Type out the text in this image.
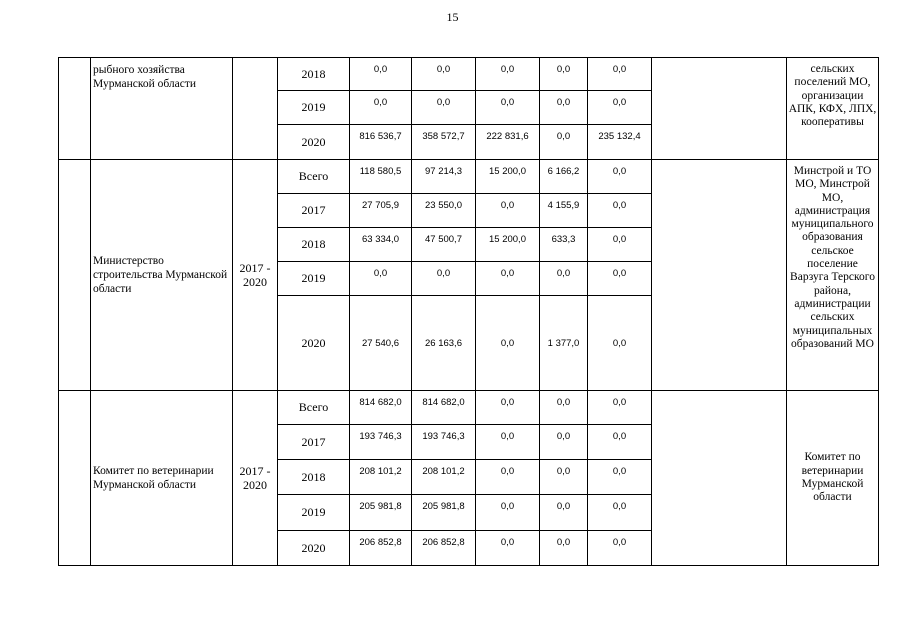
15
	рыбного хозяйства Мурманской области		2018	0,0	0,0	0,0	0,0	0,0		сельских поселений МО, организации АПК, КФХ, ЛПХ, кооперативы
			2019	0,0	0,0	0,0	0,0	0,0		
			2020	816 536,7	358 572,7	222 831,6	0,0	235 132,4		
	Министерство строительства Мурманской области	2017 - 2020	Всего	118 580,5	97 214,3	15 200,0	6 166,2	0,0		Минстрой и ТО МО, Минстрой МО, администрация муниципального образования сельское поселение Варзуга Терского района, администрации сельских муниципальных образований МО
			2017	27 705,9	23 550,0	0,0	4 155,9	0,0		
			2018	63 334,0	47 500,7	15 200,0	633,3	0,0		
			2019	0,0	0,0	0,0	0,0	0,0		
			2020	27 540,6	26 163,6	0,0	1 377,0	0,0		
	Комитет по ветеринарии Мурманской области	2017 - 2020	Всего	814 682,0	814 682,0	0,0	0,0	0,0		Комитет по ветеринарии Мурманской области
			2017	193 746,3	193 746,3	0,0	0,0	0,0		
			2018	208 101,2	208 101,2	0,0	0,0	0,0		
			2019	205 981,8	205 981,8	0,0	0,0	0,0		
			2020	206 852,8	206 852,8	0,0	0,0	0,0		
